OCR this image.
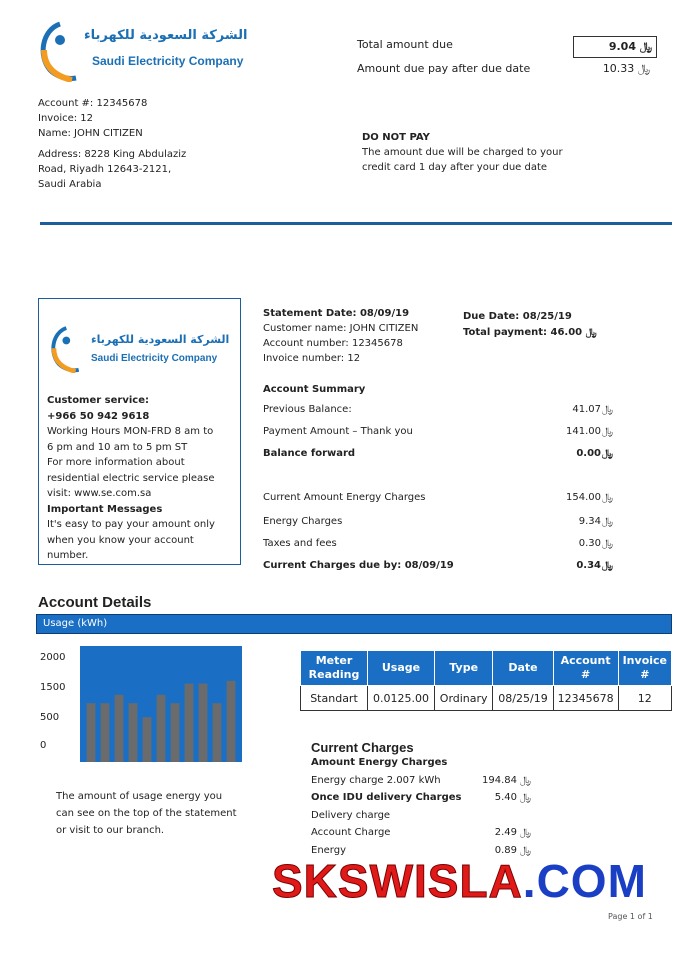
الشركة السعودية للكهرباء
Saudi Electricity Company
Total amount due	9.04 ﷼
Amount due pay after due date	10.33 ﷼
Account #: 12345678
Invoice: 12
Name: JOHN CITIZEN
Address: 8228 King Abdulaziz
Road, Riyadh 12643-2121,
Saudi Arabia
DO NOT PAY
The amount due will be charged to your
credit card 1 day after your due date
الشركة السعودية للكهرباء
Saudi Electricity Company
Customer service:
+966 50 942 9618
Working Hours MON-FRD 8 am to
6 pm and 10 am to 5 pm ST
For more information about
residential electric service please
visit: www.se.com.sa
Important Messages
It's easy to pay your amount only
when you know your account
number.
Statement Date: 08/09/19
Customer name: JOHN CITIZEN
Account number: 12345678
Invoice number: 12
Due Date: 08/25/19
Total payment: 46.00 ﷼
Account Summary
Previous Balance:	41.07 ﷼
Payment Amount – Thank you	141.00 ﷼
Balance forward	0.00 ﷼
Current Amount Energy Charges	154.00 ﷼
Energy Charges	9.34 ﷼
Taxes and fees	0.30 ﷼
Current Charges due by: 08/09/19	0.34 ﷼
Account Details
Usage (kWh)
2000
1500
500
0
The amount of usage energy you
can see on the top of the statement
or visit to our branch.
Meter Reading	Usage	Type	Date	Account #	Invoice #
Standart	0.0125.00	Ordinary	08/25/19	12345678	12
Current Charges
Amount Energy Charges
Energy charge 2.007 kWh	194.84 ﷼
Once IDU delivery Charges	5.40 ﷼
Delivery charge
Account Charge	2.49 ﷼
Energy	0.89 ﷼
SKSWISLA.COM
Page 1 of 1
